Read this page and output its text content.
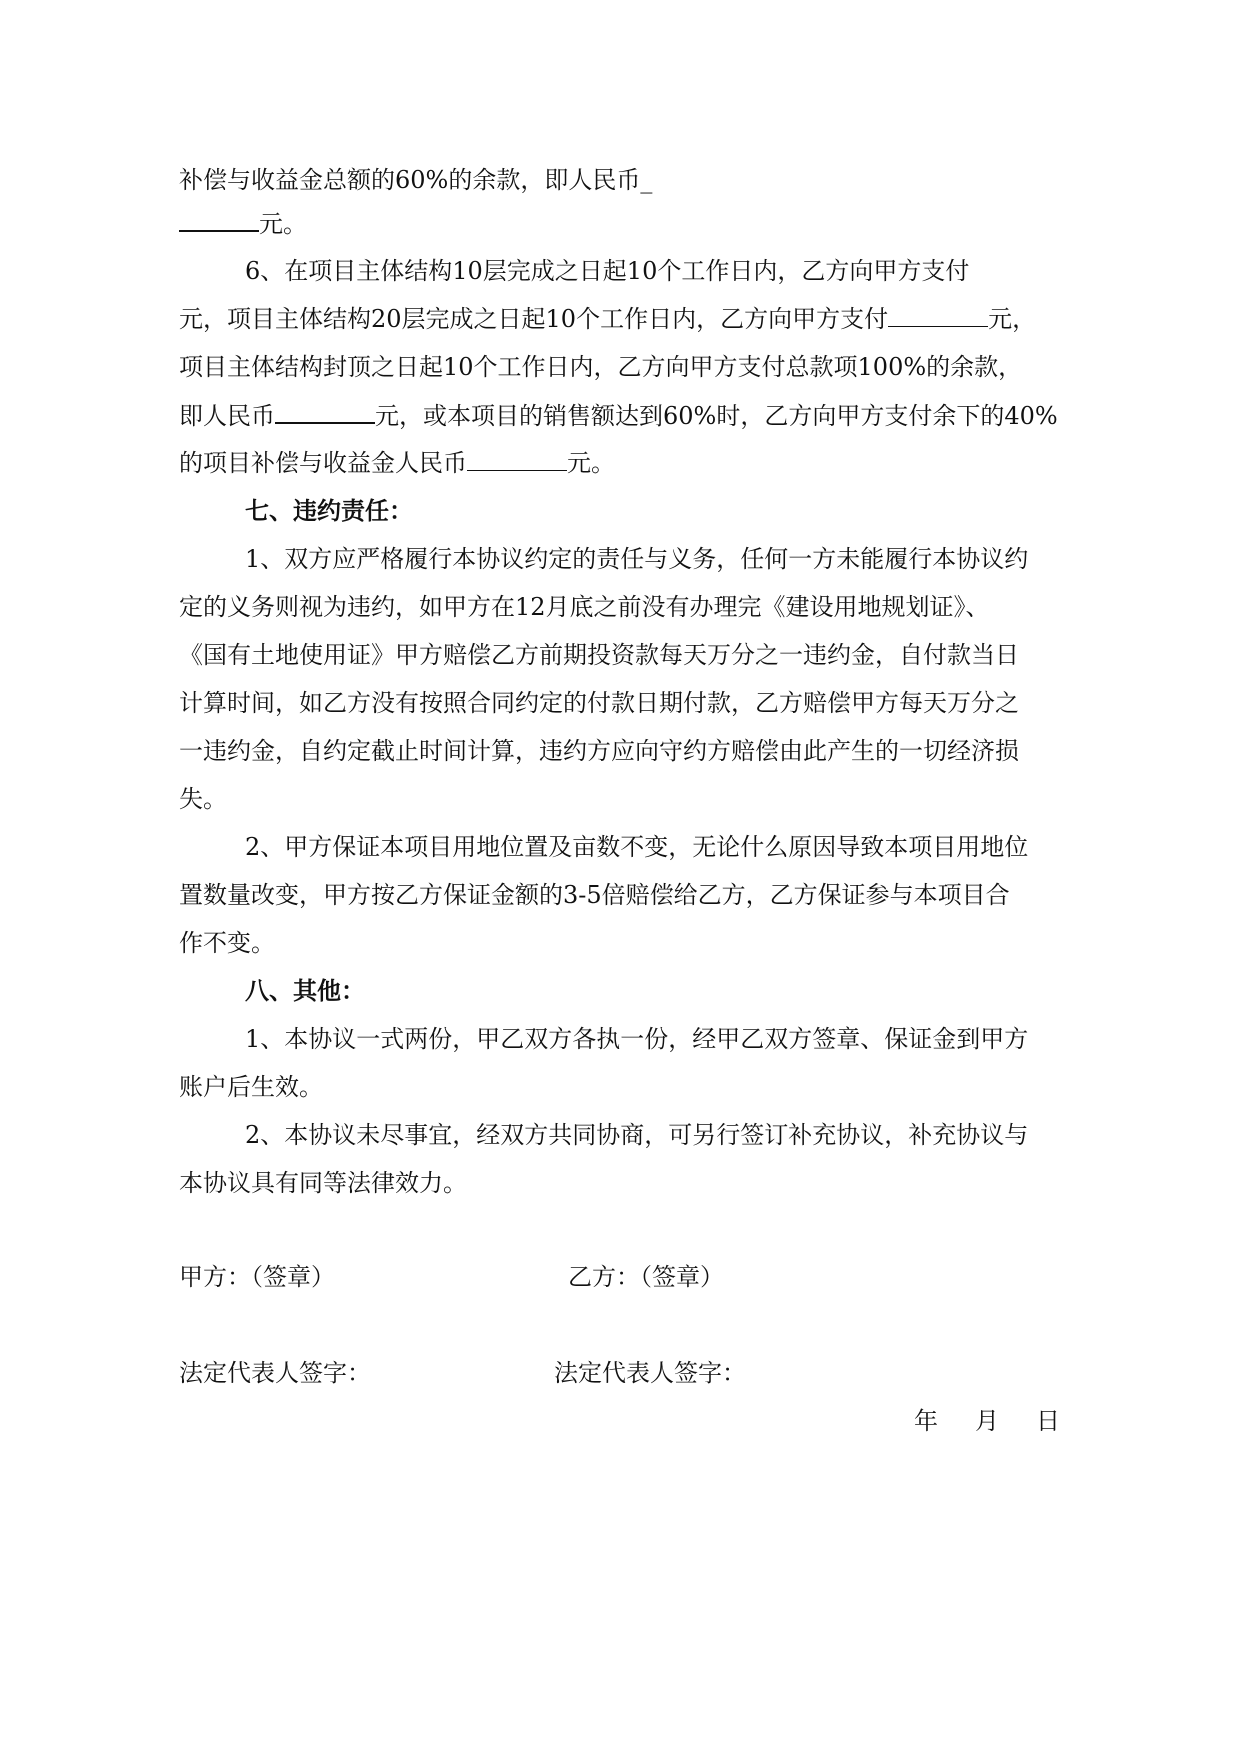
补偿与收益金总额的60%的余款，即人民币_
元。
6、在项目主体结构10层完成之日起10个工作日内，乙方向甲方支付
元，项目主体结构20层完成之日起10个工作日内，乙方向甲方支付	元，
项目主体结构封顶之日起10个工作日内，乙方向甲方支付总款项100%的余款，
即人民币	元，或本项目的销售额达到60%时，乙方向甲方支付余下的40%
的项目补偿与收益金人民币	元。
七、违约责任：
1、双方应严格履行本协议约定的责任与义务，任何一方未能履行本协议约
定的义务则视为违约，如甲方在12月底之前没有办理完《建设用地规划证》、
《国有土地使用证》甲方赔偿乙方前期投资款每天万分之一违约金，自付款当日
计算时间，如乙方没有按照合同约定的付款日期付款，乙方赔偿甲方每天万分之
一违约金，自约定截止时间计算，违约方应向守约方赔偿由此产生的一切经济损
失。
2、甲方保证本项目用地位置及亩数不变，无论什么原因导致本项目用地位
置数量改变，甲方按乙方保证金额的3-5倍赔偿给乙方，乙方保证参与本项目合
作不变。
八、其他：
1、本协议一式两份，甲乙双方各执一份，经甲乙双方签章、保证金到甲方
账户后生效。
2、本协议未尽事宜，经双方共同协商，可另行签订补充协议，补充协议与
本协议具有同等法律效力。
甲方：（签章）	乙方：（签章）
法定代表人签字：	法定代表人签字：
年 月 日
